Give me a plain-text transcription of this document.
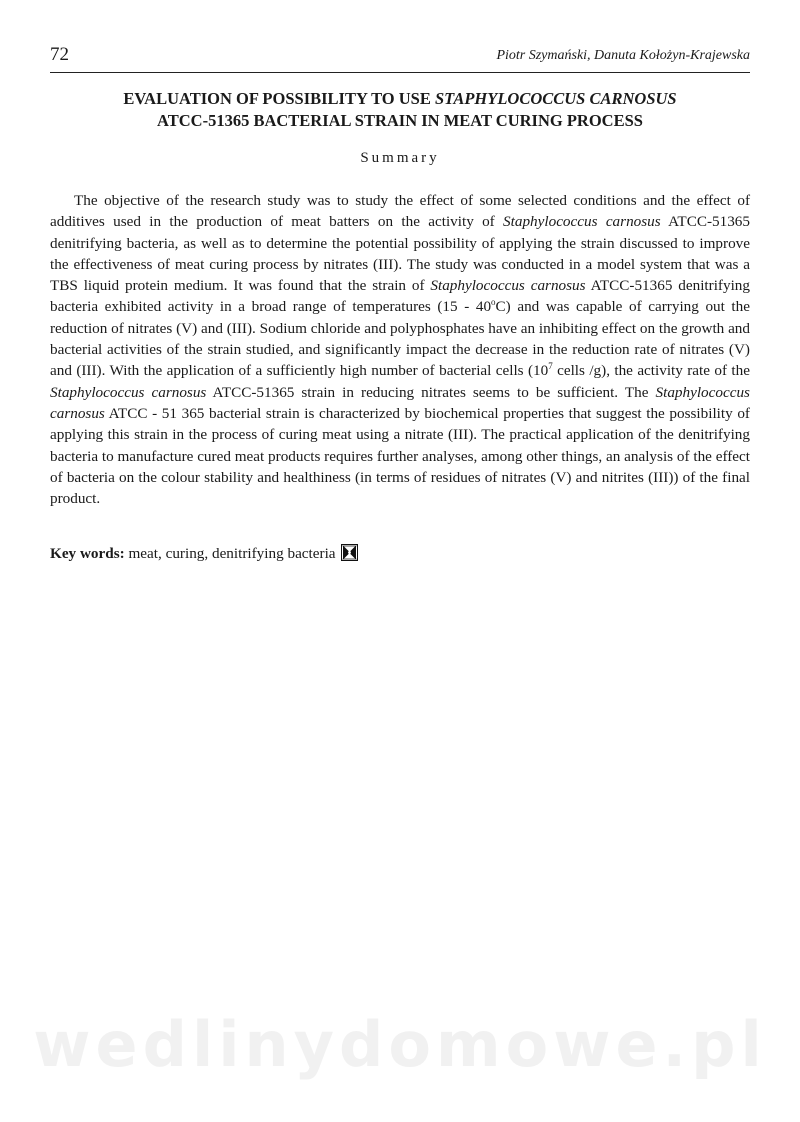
72	Piotr Szymański, Danuta Kołożyn-Krajewska
EVALUATION OF POSSIBILITY TO USE STAPHYLOCOCCUS CARNOSUS
ATCC-51365 BACTERIAL STRAIN IN MEAT CURING PROCESS
Summary

The objective of the research study was to study the effect of some selected conditions and the effect of additives used in the production of meat batters on the activity of Staphylococcus carnosus ATCC-51365 denitrifying bacteria, as well as to determine the potential possibility of applying the strain discussed to improve the effectiveness of meat curing process by nitrates (III). The study was conducted in a model system that was a TBS liquid protein medium. It was found that the strain of Staphylococcus carnosus ATCC-51365 denitrifying bacteria exhibited activity in a broad range of temperatures (15 - 40$^o$C) and was capable of carrying out the reduction of nitrates (V) and (III). Sodium chloride and polyphosphates have an inhibiting effect on the growth and bacterial activities of the strain studied, and significantly impact the decrease in the reduction rate of nitrates (V) and (III). With the application of a sufficiently high number of bacterial cells ($10^7$ cells /g), the activity rate of the Staphylococcus carnosus ATCC-51365 strain in reducing nitrates seems to be sufficient. The Staphylococcus carnosus ATCC - 51 365 bacterial strain is characterized by biochemical properties that suggest the possibility of applying this strain in the process of curing meat using a nitrate (III). The practical application of the denitrifying bacteria to manufacture cured meat products requires further analyses, among other things, an analysis of the effect of bacteria on the colour stability and healthiness (in terms of residues of nitrates (V) and nitrites (III)) of the final product.

Key words: meat, curing, denitrifying bacteria
wedlinydomowe.pl
